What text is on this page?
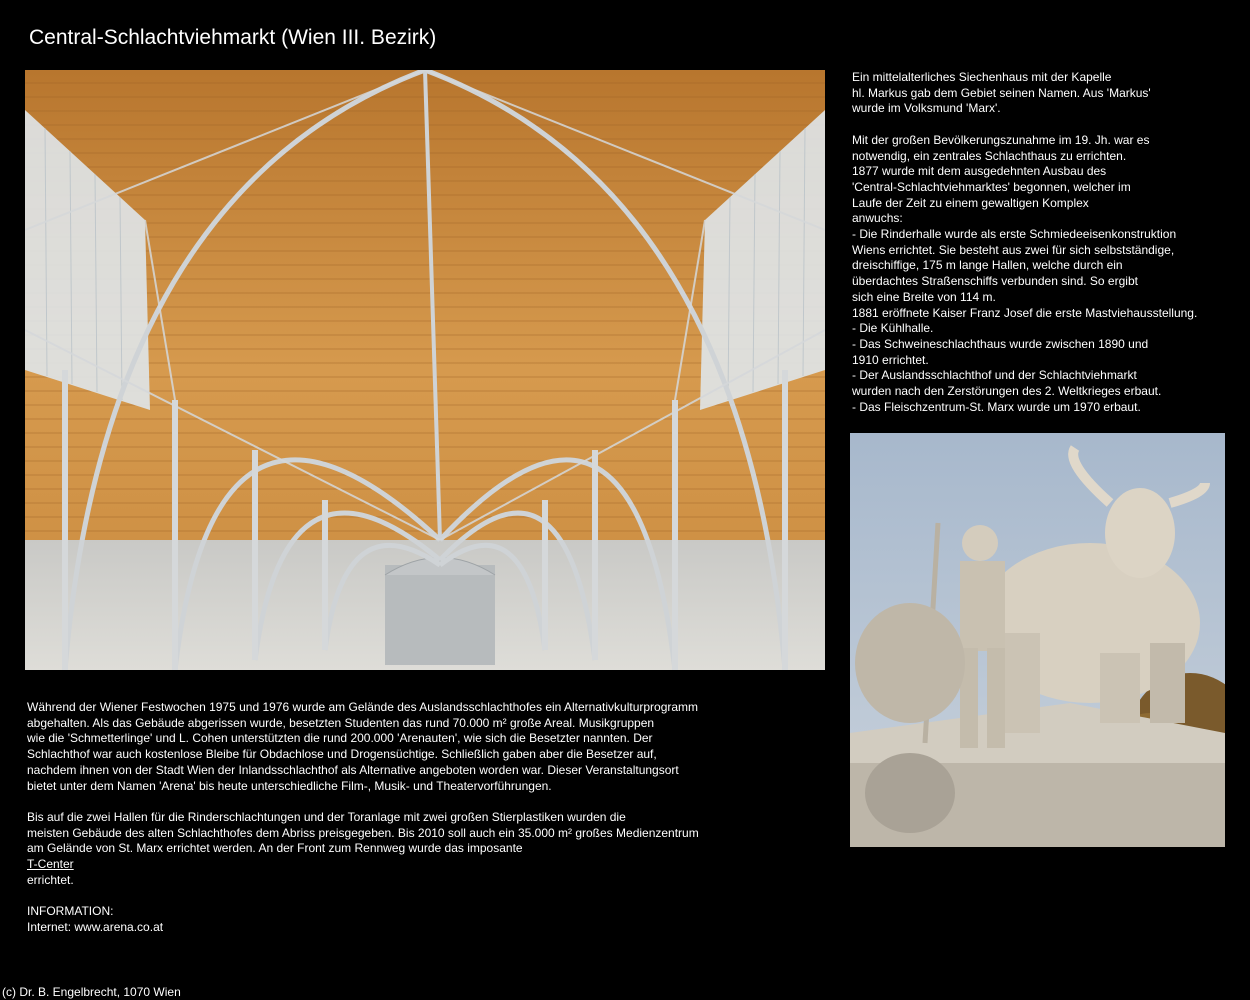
Central-Schlachtviehmarkt (Wien III. Bezirk)
Ein mittelalterliches Siechenhaus mit der Kapelle
hl. Markus gab dem Gebiet seinen Namen. Aus 'Markus'
wurde im Volksmund 'Marx'.
Mit der großen Bevölkerungszunahme im 19. Jh. war es
notwendig, ein zentrales Schlachthaus zu errichten.
1877 wurde mit dem ausgedehnten Ausbau des
'Central-Schlachtviehmarktes' begonnen, welcher im
Laufe der Zeit zu einem gewaltigen Komplex
anwuchs:
- Die Rinderhalle wurde als erste Schmiedeeisenkonstruktion
Wiens errichtet. Sie besteht aus zwei für sich selbstständige,
dreischiffige, 175 m lange Hallen, welche durch ein
überdachtes Straßenschiffs verbunden sind. So ergibt
sich eine Breite von 114 m.
1881 eröffnete Kaiser Franz Josef die erste Mastviehausstellung.
- Die Kühlhalle.
- Das Schweineschlachthaus wurde zwischen 1890 und
1910 errichtet.
- Der Auslandsschlachthof und der Schlachtviehmarkt
wurden nach den Zerstörungen des 2. Weltkrieges erbaut.
- Das Fleischzentrum-St. Marx wurde um 1970 erbaut.
Während der Wiener Festwochen 1975 und 1976 wurde am Gelände des Auslandsschlachthofes ein Alternativkulturprogramm
abgehalten. Als das Gebäude abgerissen wurde, besetzten Studenten das rund 70.000 m² große Areal. Musikgruppen
wie die 'Schmetterlinge' und L. Cohen unterstützten die rund 200.000 'Arenauten', wie sich die Besetzter nannten. Der
Schlachthof war auch kostenlose Bleibe für Obdachlose und Drogensüchtige. Schließlich gaben aber die Besetzer auf,
nachdem ihnen von der Stadt Wien der Inlandsschlachthof als Alternative angeboten worden war. Dieser Veranstaltungsort
bietet unter dem Namen 'Arena' bis heute unterschiedliche Film-, Musik- und Theatervorführungen.
Bis auf die zwei Hallen für die Rinderschlachtungen und der Toranlage mit zwei großen Stierplastiken wurden die
meisten Gebäude des alten Schlachthofes dem Abriss preisgegeben. Bis 2010 soll auch ein 35.000 m² großes Medienzentrum
am Gelände von St. Marx errichtet werden. An der Front zum Rennweg wurde das imposante
T-Center
errichtet.
INFORMATION:
Internet: www.arena.co.at
(c) Dr. B. Engelbrecht, 1070 Wien
